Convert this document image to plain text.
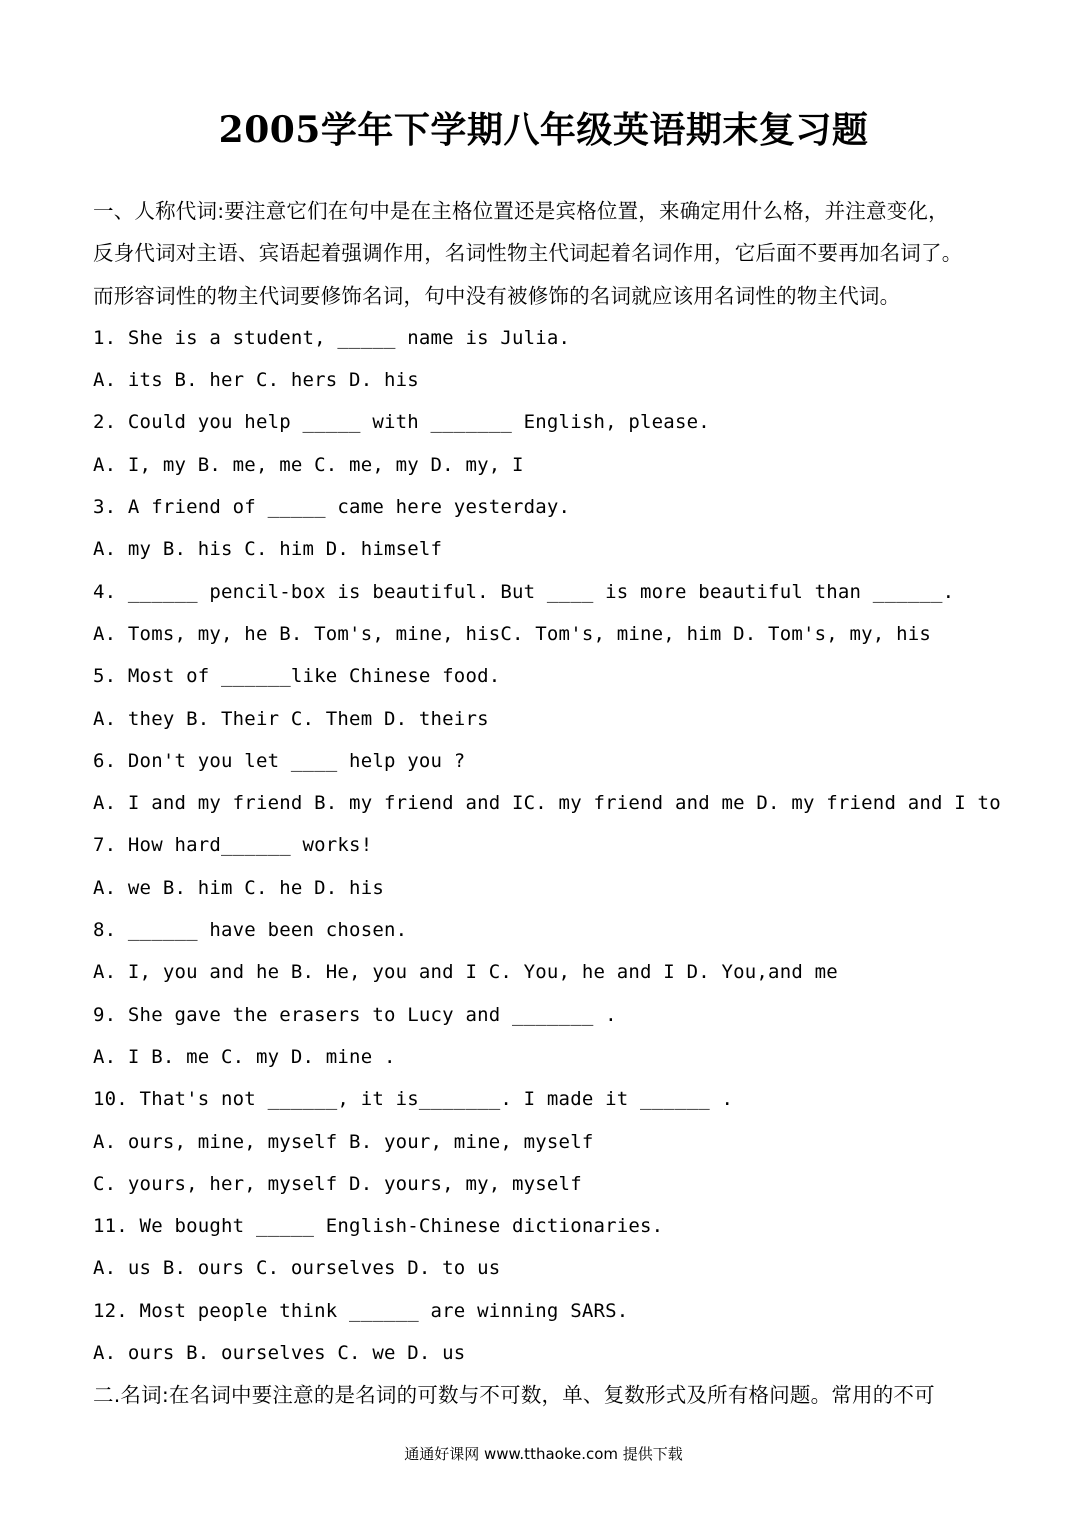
2005学年下学期八年级英语期末复习题
一、人称代词:要注意它们在句中是在主格位置还是宾格位置，来确定用什么格，并注意变化，
反身代词对主语、宾语起着强调作用，名词性物主代词起着名词作用，它后面不要再加名词了。
而形容词性的物主代词要修饰名词，句中没有被修饰的名词就应该用名词性的物主代词。
1. She is a student, _____ name is Julia.
A. its B. her C. hers D. his
2. Could you help _____ with _______ English, please.
A. I, my B. me, me C. me, my D. my, I
3. A friend of _____ came here yesterday.
A. my B. his C. him D. himself
4. ______ pencil-box is beautiful. But ____ is more beautiful than ______.
A. Toms, my, he B. Tom's, mine, hisC. Tom's, mine, him D. Tom's, my, his
5. Most of ______like Chinese food.
A. they B. Their C. Them D. theirs
6. Don't you let ____ help you ?
A. I and my friend B. my friend and IC. my friend and me D. my friend and I to
7. How hard______ works!
A. we B. him C. he D. his
8. ______ have been chosen.
A. I, you and he B. He, you and I C. You, he and I D. You,and me
9. She gave the erasers to Lucy and _______ .
A. I B. me C. my D. mine .
10. That's not ______, it is_______. I made it ______ .
A. ours, mine, myself B. your, mine, myself
C. yours, her, myself D. yours, my, myself
11. We bought _____ English-Chinese dictionaries.
A. us B. ours C. ourselves D. to us
12. Most people think ______ are winning SARS.
A. ours B. ourselves C. we D. us
二.名词:在名词中要注意的是名词的可数与不可数，单、复数形式及所有格问题。常用的不可
通通好课网 www.tthaoke.com 提供下载
